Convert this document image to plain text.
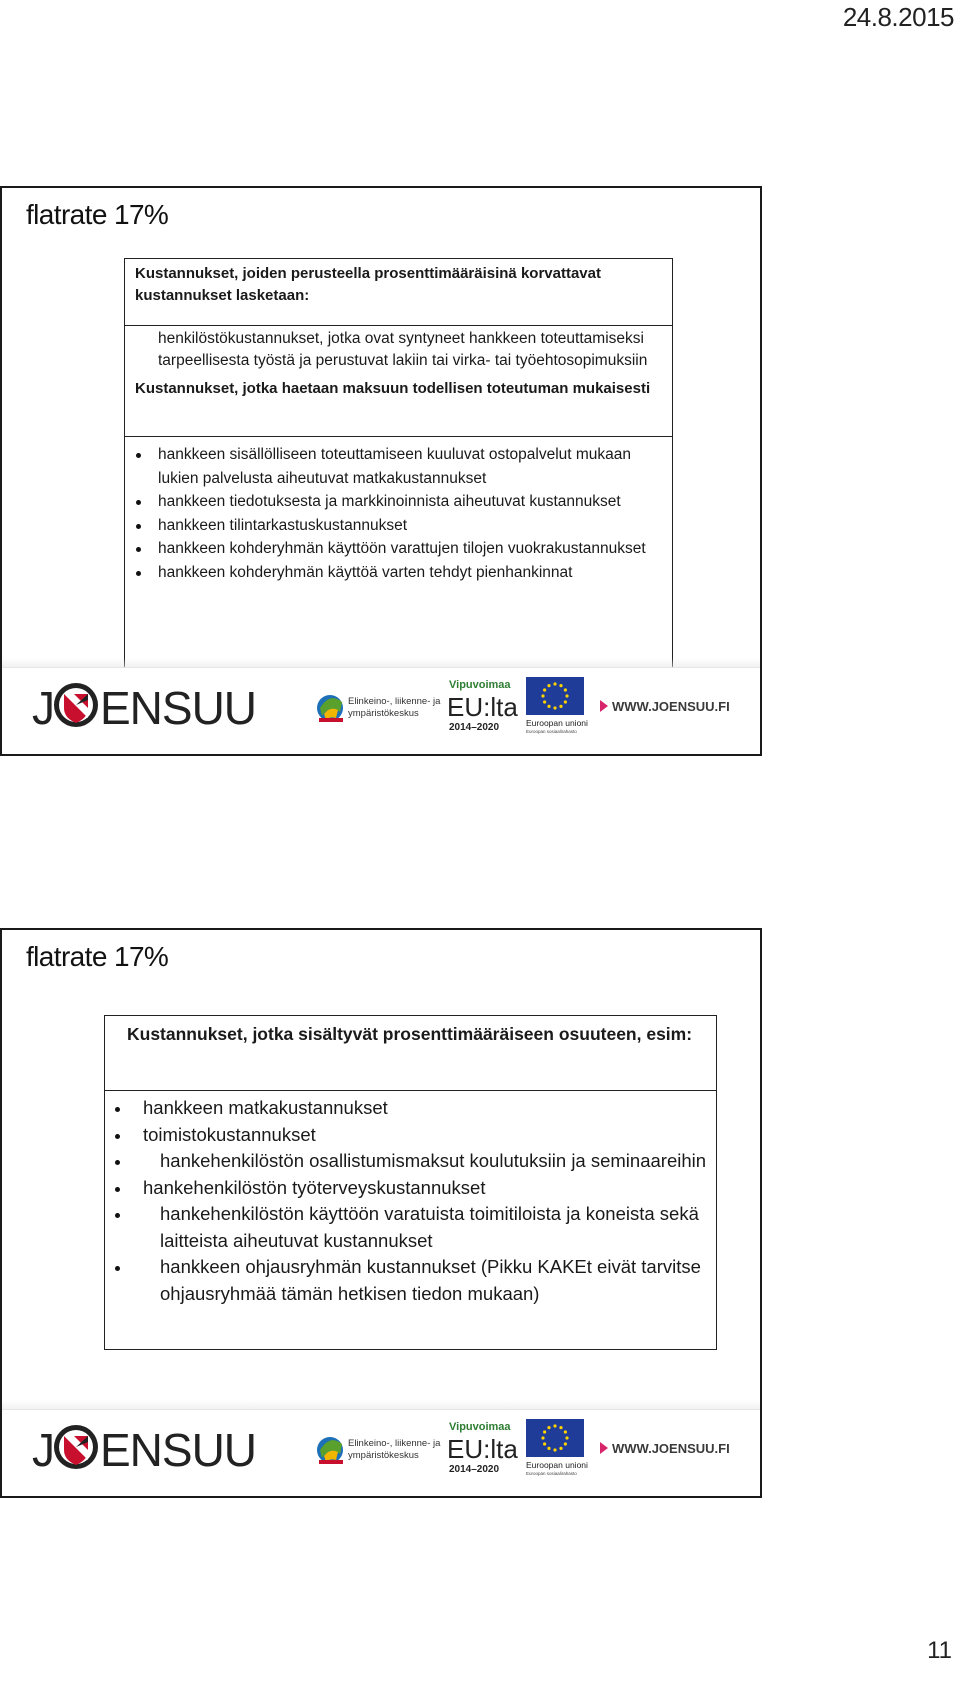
24.8.2015
flatrate 17%
Kustannukset, joiden perusteella prosenttimääräisinä korvattavat kustannukset lasketaan:

henkilöstökustannukset, jotka ovat syntyneet hankkeen toteuttamiseksi tarpeellisesta työstä ja perustuvat lakiin tai virka- tai työehtosopimuksiin

Kustannukset, jotka haetaan maksuun todellisen toteutuman mukaisesti
hankkeen sisällölliseen toteuttamiseen kuuluvat ostopalvelut mukaan lukien palvelusta aiheutuvat matkakustannukset
hankkeen tiedotuksesta ja markkinoinnista aiheutuvat kustannukset
hankkeen tilintarkastuskustannukset
hankkeen kohderyhmän käyttöön varattujen tilojen vuokrakustannukset
hankkeen kohderyhmän käyttöä varten tehdyt pienhankinnat
J ENSUU	Elinkeino-, liikenne- ja
ympäristökeskus
Vipuvoimaa
EU:lta
2014–2020	Euroopan unioni
Euroopan sosiaalirahasto
WWW.JOENSUU.FI
flatrate 17%
Kustannukset, jotka sisältyvät prosenttimääräiseen osuuteen, esim:
hankkeen matkakustannukset
toimistokustannukset
hankehenkilöstön osallistumismaksut koulutuksiin ja seminaareihin
hankehenkilöstön työterveyskustannukset
hankehenkilöstön käyttöön varatuista toimitiloista ja koneista sekä laitteista aiheutuvat kustannukset
hankkeen ohjausryhmän kustannukset (Pikku KAKEt eivät tarvitse ohjausryhmää tämän hetkisen tiedon mukaan)
J ENSUU	Elinkeino-, liikenne- ja
ympäristökeskus
Vipuvoimaa
EU:lta
2014–2020	Euroopan unioni
Euroopan sosiaalirahasto
WWW.JOENSUU.FI
11
